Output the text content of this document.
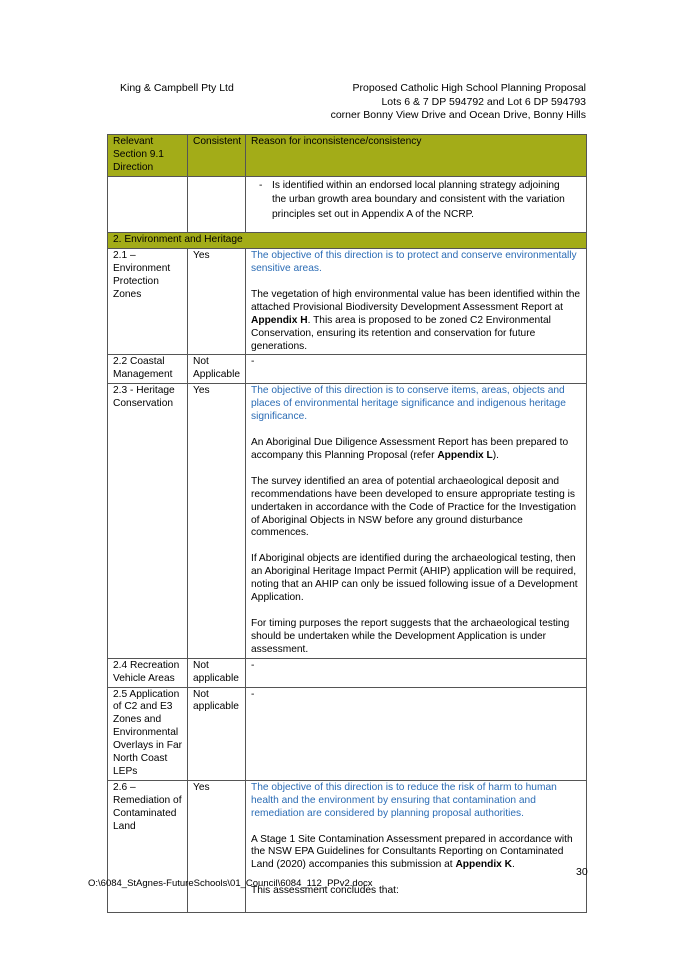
King & Campbell Pty Ltd	Proposed Catholic High School Planning Proposal
Lots 6 & 7 DP 594792 and Lot 6 DP 594793
corner Bonny View Drive and Ocean Drive, Bonny Hills
Relevant Section 9.1 Direction	Consistent	Reason for inconsistence/consistency

		- Is identified within an endorsed local planning strategy adjoining the urban growth area boundary and consistent with the variation principles set out in Appendix A of the NCRP.

2. Environment and Heritage		
2.1 – Environment Protection Zones	Yes	The objective of this direction is to protect and conserve environmentally sensitive areas.

The vegetation of high environmental value has been identified within the attached Provisional Biodiversity Development Assessment Report at Appendix H. This area is proposed to be zoned C2 Environmental Conservation, ensuring its retention and conservation for future generations.

2.2 Coastal Management	Not Applicable	-
2.3 - Heritage Conservation	Yes	The objective of this direction is to conserve items, areas, objects and places of environmental heritage significance and indigenous heritage significance.

An Aboriginal Due Diligence Assessment Report has been prepared to accompany this Planning Proposal (refer Appendix L).

The survey identified an area of potential archaeological deposit and recommendations have been developed to ensure appropriate testing is undertaken in accordance with the Code of Practice for the Investigation of Aboriginal Objects in NSW before any ground disturbance commences.

If Aboriginal objects are identified during the archaeological testing, then an Aboriginal Heritage Impact Permit (AHIP) application will be required, noting that an AHIP can only be issued following issue of a Development Application.

For timing purposes the report suggests that the archaeological testing should be undertaken while the Development Application is under assessment.

2.4 Recreation Vehicle Areas	Not applicable	-
2.5 Application of C2 and E3 Zones and Environmental Overlays in Far North Coast LEPs	Not applicable	-
2.6 – Remediation of Contaminated Land	Yes	The objective of this direction is to reduce the risk of harm to human health and the environment by ensuring that contamination and remediation are considered by planning proposal authorities.

A Stage 1 Site Contamination Assessment prepared in accordance with the NSW EPA Guidelines for Consultants Reporting on Contaminated Land (2020) accompanies this submission at Appendix K.

This assessment concludes that:

30
O:\6084_StAgnes-FutureSchools\01_Council\6084_112_PPv2.docx
